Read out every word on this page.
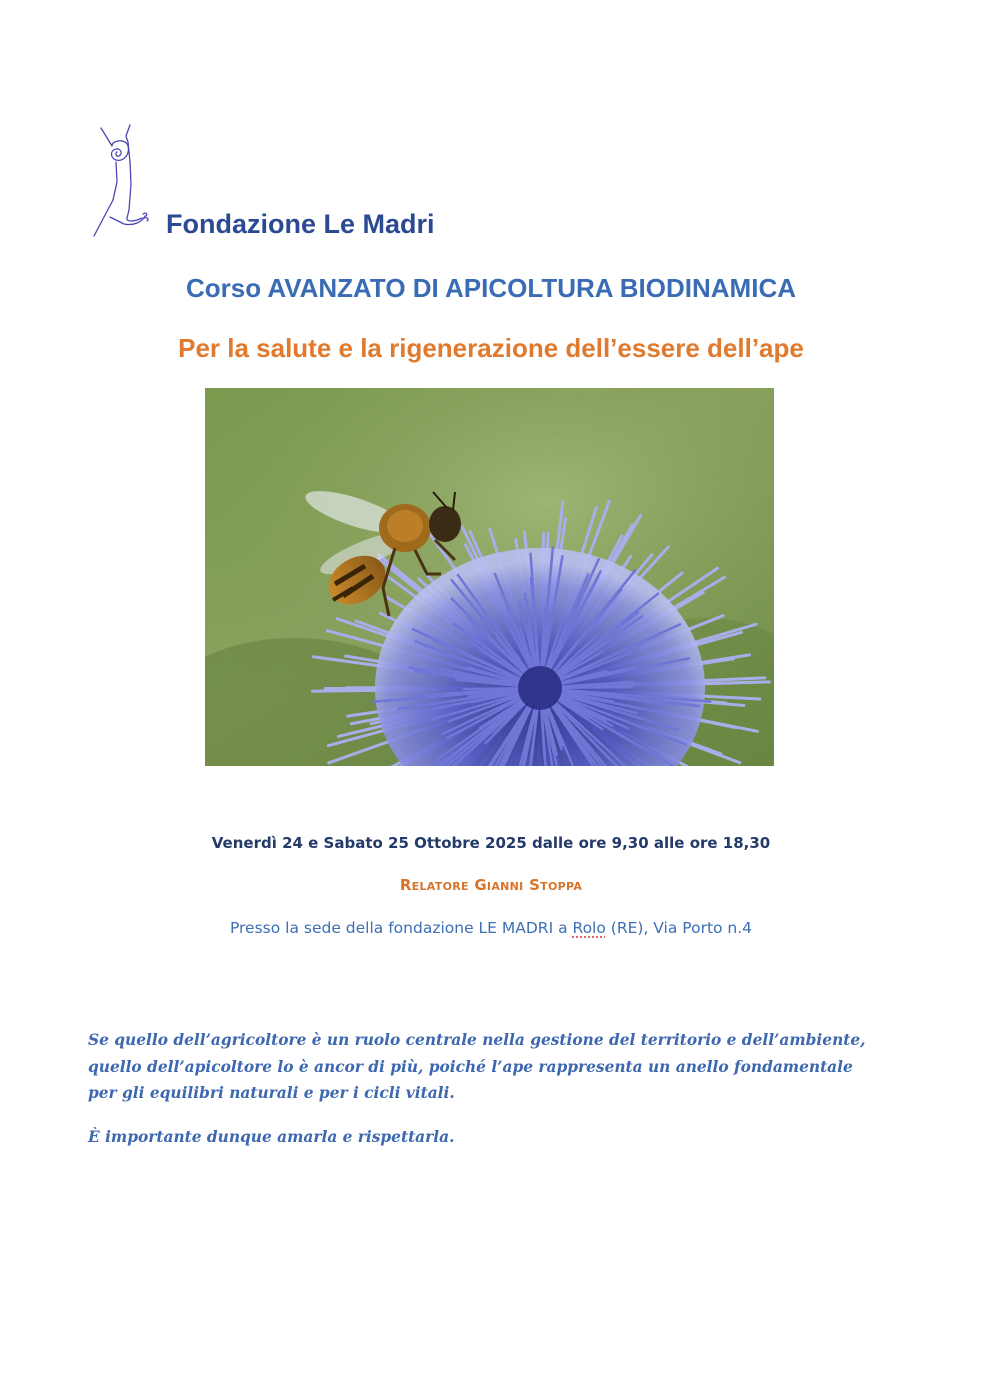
Fondazione Le Madri
Corso AVANZATO DI APICOLTURA BIODINAMICA
Per la salute e la rigenerazione dell’essere dell’ape
Venerdì 24 e Sabato 25 Ottobre 2025 dalle ore 9,30 alle ore 18,30
Relatore Gianni Stoppa
Presso la sede della fondazione LE MADRI a Rolo (RE), Via Porto n.4

Se quello dell’agricoltore è un ruolo centrale nella gestione del territorio e dell’ambiente,
quello dell’apicoltore lo è ancor di più, poiché l’ape rappresenta un anello fondamentale
per gli equilibri naturali e per i cicli vitali.

È importante dunque amarla e rispettarla.
